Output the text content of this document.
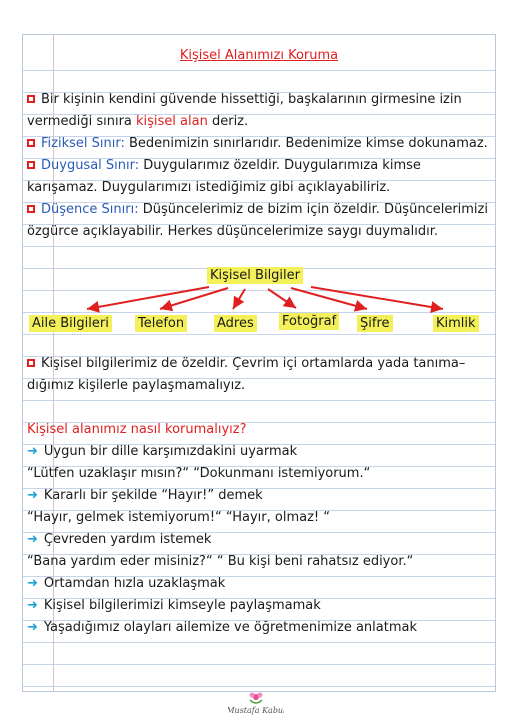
Kişisel Alanımızı Koruma
Bir kişinin kendini güvende hissettiği, başkalarının girmesine izin
vermediği sınıra kişisel alan deriz.
Fiziksel Sınır: Bedenimizin sınırlarıdır. Bedenimize kimse dokunamaz.
Duygusal Sınır: Duygularımız özeldir. Duygularımıza kimse
karışamaz. Duygularımızı istediğimiz gibi açıklayabiliriz.
Düşence Sınırı: Düşüncelerimiz de bizim için özeldir. Düşüncelerimizi
özgürce açıklayabilir. Herkes düşüncelerimize saygı duymalıdır.
Kişisel Bilgiler
Aile Bilgileri Telefon	Adres Fotoğraf Şifre	Kimlik
Kişisel bilgilerimiz de özeldir. Çevrim içi ortamlarda yada tanıma–
dığımız kişilerle paylaşmamalıyız.
Kişisel alanımız nasıl korumalıyız?
➜ Uygun bir dille karşımızdakini uyarmak
“Lütfen uzaklaşır mısın?“ “Dokunmanı istemiyorum.“
➜ Kararlı bir şekilde “Hayır!” demek
“Hayır, gelmek istemiyorum!“ “Hayır, olmaz! “
➜ Çevreden yardım istemek
“Bana yardım eder misiniz?“ “ Bu kişi beni rahatsız ediyor.“
➜ Ortamdan hızla uzaklaşmak
➜ Kişisel bilgilerimizi kimseyle paylaşmamak
➜ Yaşadığımız olayları ailemize ve öğretmenimize anlatmak
Mustafa Kabul
